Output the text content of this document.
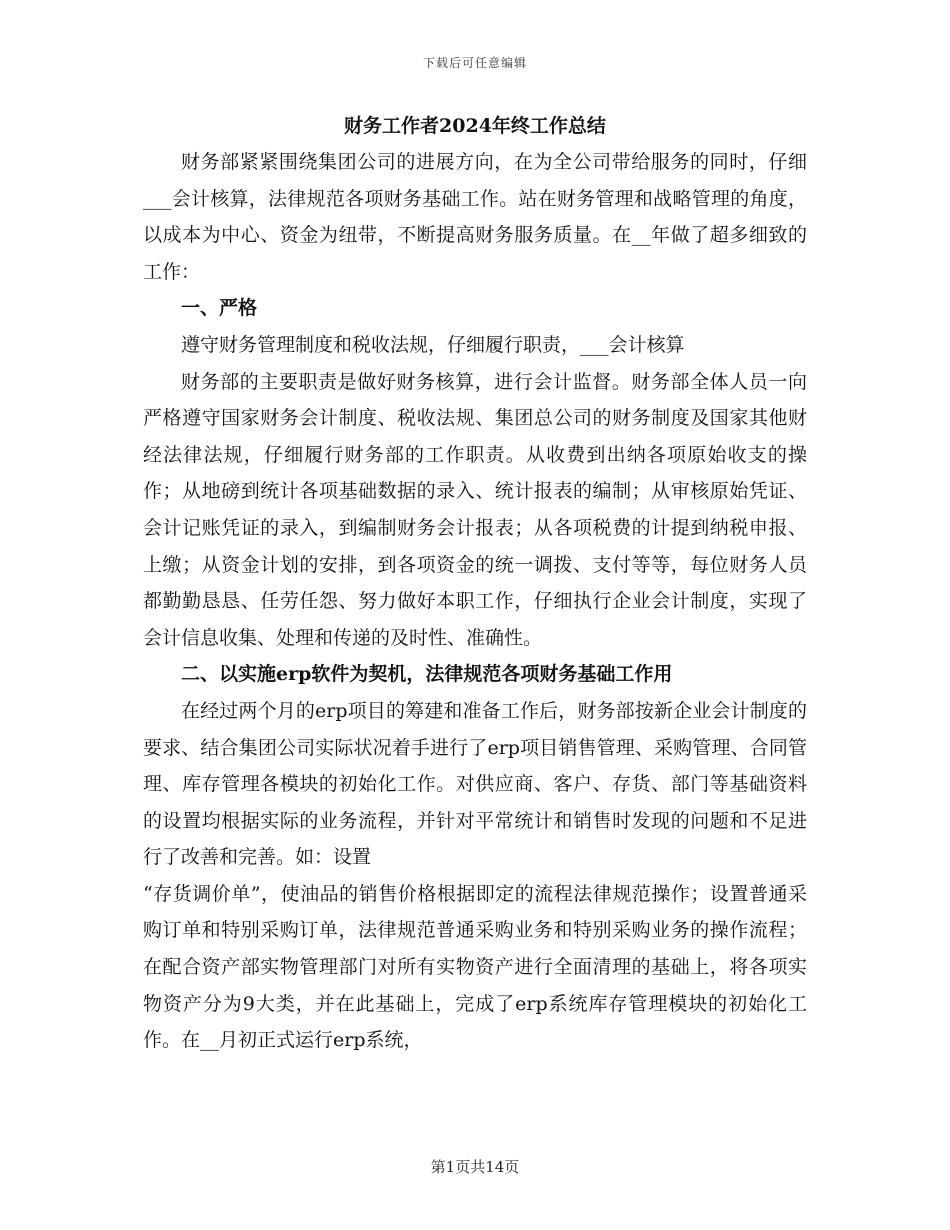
下载后可任意编辑
财务工作者2024年终工作总结

财务部紧紧围绕集团公司的进展方向，在为全公司带给服务的同时，仔细___会计核算，法律规范各项财务基础工作。站在财务管理和战略管理的角度，以成本为中心、资金为纽带，不断提高财务服务质量。在__年做了超多细致的工作：

一、严格

遵守财务管理制度和税收法规，仔细履行职责，___会计核算

财务部的主要职责是做好财务核算，进行会计监督。财务部全体人员一向严格遵守国家财务会计制度、税收法规、集团总公司的财务制度及国家其他财经法律法规，仔细履行财务部的工作职责。从收费到出纳各项原始收支的操作；从地磅到统计各项基础数据的录入、统计报表的编制；从审核原始凭证、会计记账凭证的录入，到编制财务会计报表；从各项税费的计提到纳税申报、上缴；从资金计划的安排，到各项资金的统一调拨、支付等等，每位财务人员都勤勤恳恳、任劳任怨、努力做好本职工作，仔细执行企业会计制度，实现了会计信息收集、处理和传递的及时性、准确性。

二、以实施erp软件为契机，法律规范各项财务基础工作用

在经过两个月的erp项目的筹建和准备工作后，财务部按新企业会计制度的要求、结合集团公司实际状况着手进行了erp项目销售管理、采购管理、合同管理、库存管理各模块的初始化工作。对供应商、客户、存货、部门等基础资料的设置均根据实际的业务流程，并针对平常统计和销售时发现的问题和不足进行了改善和完善。如：设置

“存货调价单”，使油品的销售价格根据即定的流程法律规范操作；设置普通采购订单和特别采购订单，法律规范普通采购业务和特别采购业务的操作流程；在配合资产部实物管理部门对所有实物资产进行全面清理的基础上，将各项实物资产分为9大类，并在此基础上，完成了erp系统库存管理模块的初始化工作。在__月初正式运行erp系统，

第1页共14页
